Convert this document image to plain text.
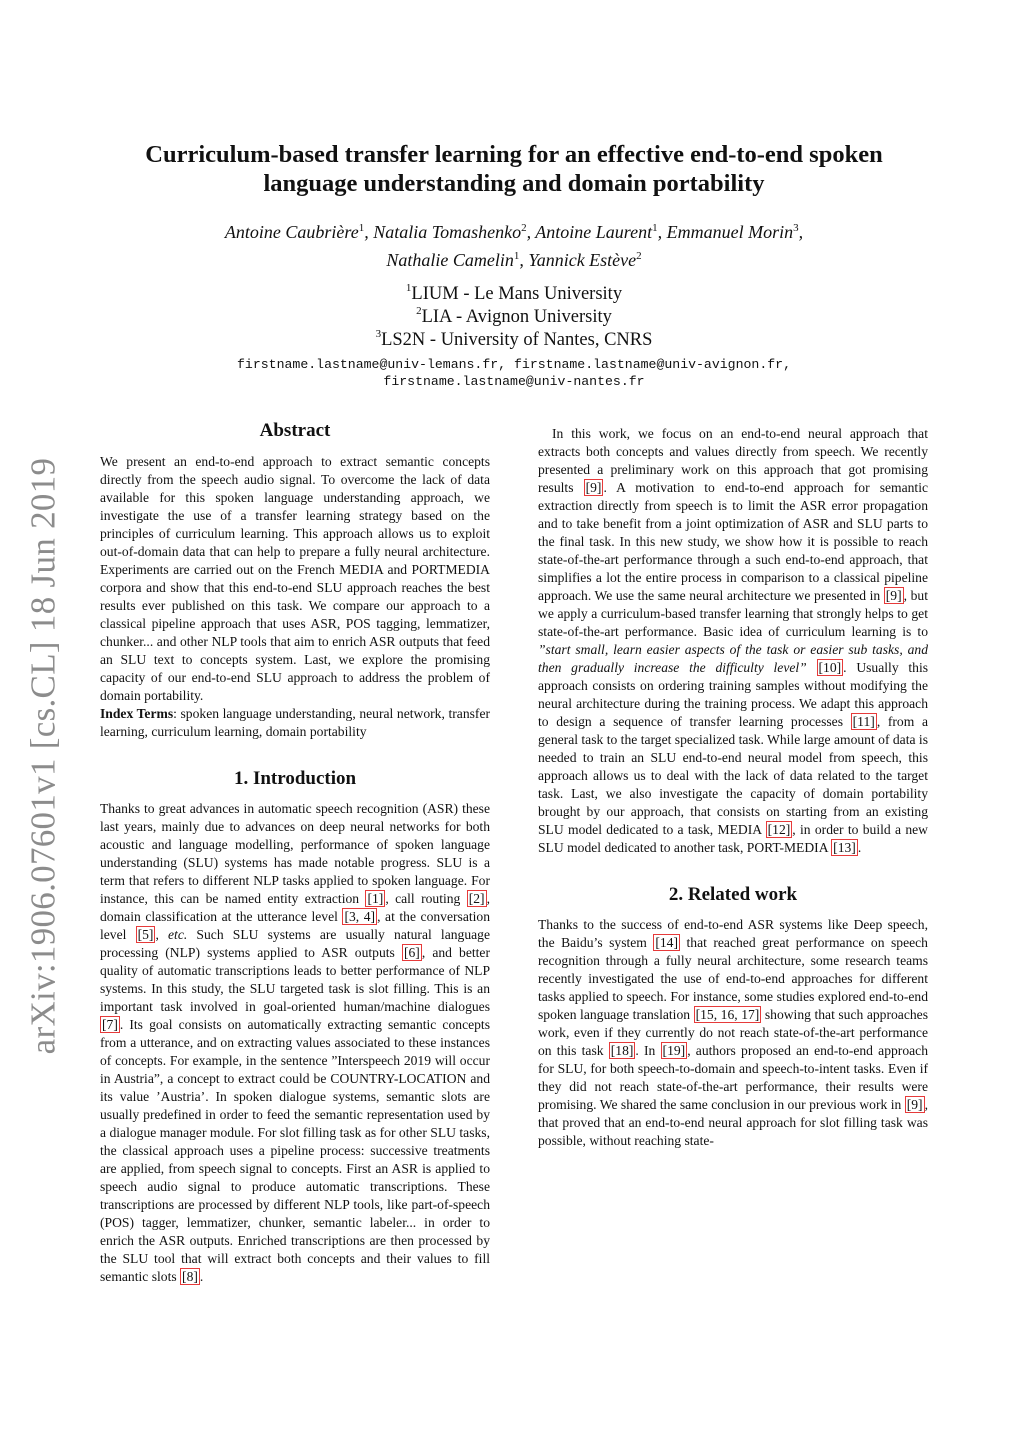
arXiv:1906.07601v1 [cs.CL] 18 Jun 2019
Curriculum-based transfer learning for an effective end-to-end spoken
language understanding and domain portability
Antoine Caubrière$^1$, Natalia Tomashenko$^2$, Antoine Laurent$^1$, Emmanuel Morin$^3$,
Nathalie Camelin$^1$, Yannick Estève$^2$
$^1$LIUM - Le Mans University
$^2$LIA - Avignon University
$^3$LS2N - University of Nantes, CNRS
firstname.lastname@univ-lemans.fr, firstname.lastname@univ-avignon.fr,
firstname.lastname@univ-nantes.fr
Abstract

We present an end-to-end approach to extract semantic concepts directly from the speech audio signal. To overcome the lack of data available for this spoken language understanding approach, we investigate the use of a transfer learning strategy based on the principles of curriculum learning. This approach allows us to exploit out-of-domain data that can help to prepare a fully neural architecture. Experiments are carried out on the French MEDIA and PORTMEDIA corpora and show that this end-to-end SLU approach reaches the best results ever published on this task. We compare our approach to a classical pipeline approach that uses ASR, POS tagging, lemmatizer, chunker... and other NLP tools that aim to enrich ASR outputs that feed an SLU text to concepts system. Last, we explore the promising capacity of our end-to-end SLU approach to address the problem of domain portability.

Index Terms: spoken language understanding, neural network, transfer learning, curriculum learning, domain portability

1. Introduction

Thanks to great advances in automatic speech recognition (ASR) these last years, mainly due to advances on deep neural networks for both acoustic and language modelling, performance of spoken language understanding (SLU) systems has made notable progress. SLU is a term that refers to different NLP tasks applied to spoken language. For instance, this can be named entity extraction [1] , call routing [2] , domain classification at the utterance level [3, 4] , at the conversation level [5] , etc. Such SLU systems are usually natural language processing (NLP) systems applied to ASR outputs [6] , and better quality of automatic transcriptions leads to better performance of NLP systems. In this study, the SLU targeted task is slot filling. This is an important task involved in goal-oriented human/machine dialogues [7] . Its goal consists on automatically extracting semantic concepts from a utterance, and on extracting values associated to these instances of concepts. For example, in the sentence ”Interspeech 2019 will occur in Austria”, a concept to extract could be COUNTRY-LOCATION and its value ’Austria’. In spoken dialogue systems, semantic slots are usually predefined in order to feed the semantic representation used by a dialogue manager module. For slot filling task as for other SLU tasks, the classical approach uses a pipeline process: successive treatments are applied, from speech signal to concepts. First an ASR is applied to speech audio signal to produce automatic transcriptions. These transcriptions are processed by different NLP tools, like part-of-speech (POS) tagger, lemmatizer, chunker, semantic labeler... in order to enrich the ASR outputs. Enriched transcriptions are then processed by the SLU tool that will extract both concepts and their values to fill semantic slots [8] .

In this work, we focus on an end-to-end neural approach that extracts both concepts and values directly from speech. We recently presented a preliminary work on this approach that got promising results [9] . A motivation to end-to-end approach for semantic extraction directly from speech is to limit the ASR error propagation and to take benefit from a joint optimization of ASR and SLU parts to the final task. In this new study, we show how it is possible to reach state-of-the-art performance through a such end-to-end approach, that simplifies a lot the entire process in comparison to a classical pipeline approach. We use the same neural architecture we presented in [9] , but we apply a curriculum-based transfer learning that strongly helps to get state-of-the-art performance. Basic idea of curriculum learning is to ”start small, learn easier aspects of the task or easier sub tasks, and then gradually increase the difficulty level” [10] . Usually this approach consists on ordering training samples without modifying the neural architecture during the training process. We adapt this approach to design a sequence of transfer learning processes [11] , from a general task to the target specialized task. While large amount of data is needed to train an SLU end-to-end neural model from speech, this approach allows us to deal with the lack of data related to the target task. Last, we also investigate the capacity of domain portability brought by our approach, that consists on starting from an existing SLU model dedicated to a task, MEDIA [12] , in order to build a new SLU model dedicated to another task, PORT-MEDIA [13] .

2. Related work

Thanks to the success of end-to-end ASR systems like Deep speech, the Baidu’s system [14] that reached great performance on speech recognition through a fully neural architecture, some research teams recently investigated the use of end-to-end approaches for different tasks applied to speech. For instance, some studies explored end-to-end spoken language translation [15, 16, 17] showing that such approaches work, even if they currently do not reach state-of-the-art performance on this task [18] . In [19] , authors proposed an end-to-end approach for SLU, for both speech-to-domain and speech-to-intent tasks. Even if they did not reach state-of-the-art performance, their results were promising. We shared the same conclusion in our previous work in [9] , that proved that an end-to-end neural approach for slot filling task was possible, without reaching state-
